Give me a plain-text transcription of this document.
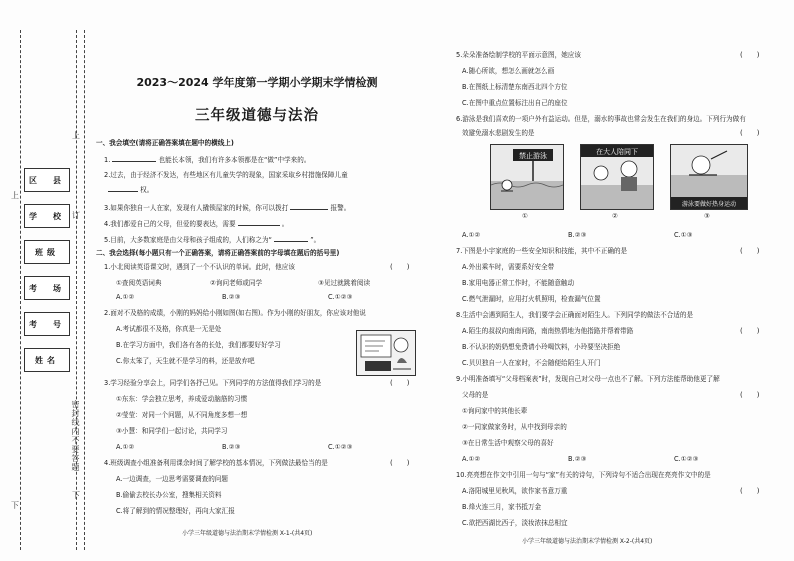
上
订
下
上
下
密封线内不要答题
区　县
学　校
班级
考　场
考　号
姓名
2023～2024 学年度第一学期小学期末学情检测
三年级道德与法治
一、我会填空(请将正确答案填在题中的横线上)
1.	也能长本领，我们有许多本领都是在“做”中学来的。
2.过去，由于经济不发达，有些地区有儿童失学的现象，国家采取乡村措施保障儿童
权。
3.如果你独自一人在家，发现有人撬锁屋家的时候，你可以拨打	报警。
4.我们都爱自己的父母，但爱的要表达，需要	。
5.目前，大多数家庭是由父母和孩子组成的，人们称之为“	”。
二、我会选择(每小题只有一个正确答案，请将正确答案前的字母填在题后的括号里)
1.小北阅读英语课文时，遇到了一个不认识的单词。此时，他应该	(　　)
①查阅英语词典	②询问老师或同学	③见过就跳着阅读
A.①②	B.②③	C.①②③
2.面对不及格的成绩，小刚的妈妈给小刚如图(如右图)。作为小刚的好朋友，你应该对他说
A.考试都很不及格，你真是一无是处
B.在学习方面中，我们各有各的长处，我们都要好好学习
C.你太笨了，天生就不是学习的料，还是放弃吧
3.学习经验分享会上，同学们各抒己见。下列同学的方法值得我们学习的是	(　　)
①东东：学会独立思考，养成爱动脑筋的习惯
②莹莹：对同一个问题，从不同角度多想一想
③小慧：和同学们一起讨论，共同学习
A.①②	B.②③	C.①②③
4.班级调查小组准备利用课余时间了解学校的基本情况，下列做法最恰当的是	(　　)
A.一边调查，一边思考需要调查的问题
B.偷偷去校长办公室，搜集相关资料
C.将了解到的情况整理好，再向大家汇报
小学三年级道德与法治期末学情检测 X-1-(共4页)
5.朵朵准备绘制学校的平面示意图，她应该	(　　)
A.随心所欲，想怎么画就怎么画
B.在图纸上标清楚东南西北四个方位
C.在图中重点位置标注出自己的座位
6.游泳是我们喜欢的一项户外有益运动。但是，溺水的事故也常会发生在我们的身边。下列行为做有
效避免溺水悲剧发生的是	(　　)
禁止游泳	在大人陪同下
游泳要做好热身运动
①	②	③
A.①②	B.②③	C.①③
7.下图是小宇家庭的一些安全知识和技能，其中不正确的是	(　　)
A.外出乘车时，需要系好安全带
B.家用电器正常工作时，不能随意触动
C.燃气泄漏时，应用打火机照明，检查漏气位置
8.生活中会遇到陌生人，我们要学会正确面对陌生人。下列同学的做法不合适的是
(　　)
A.陌生的叔叔向南南问路，南南热情地为他指路并帮着带路
B.不认识的奶奶想免费请小玲喝饮料，小玲要坚决拒绝
C.贝贝独自一人在家时，不会随便给陌生人开门
9.小明准备填写“父母档案表”时，发现自己对父母一点也不了解。下列方法能帮助他更了解
父母的是	(　　)
①询问家中的其他长辈
②一同家做家务时，从中找到母亲的
③在日常生活中观察父母的喜好
A.①②	B.②③	C.①②③
10.亮亮想在作文中引用一句与“家”有关的诗句，下列诗句不适合出现在亮亮作文中的是
(　　)
A.洛阳城里见秋风，欲作家书意万重
B.烽火连三月，家书抵万金
C.欲把西湖比西子，淡妆浓抹总相宜
小学三年级道德与法治期末学情检测 X-2-(共4页)
